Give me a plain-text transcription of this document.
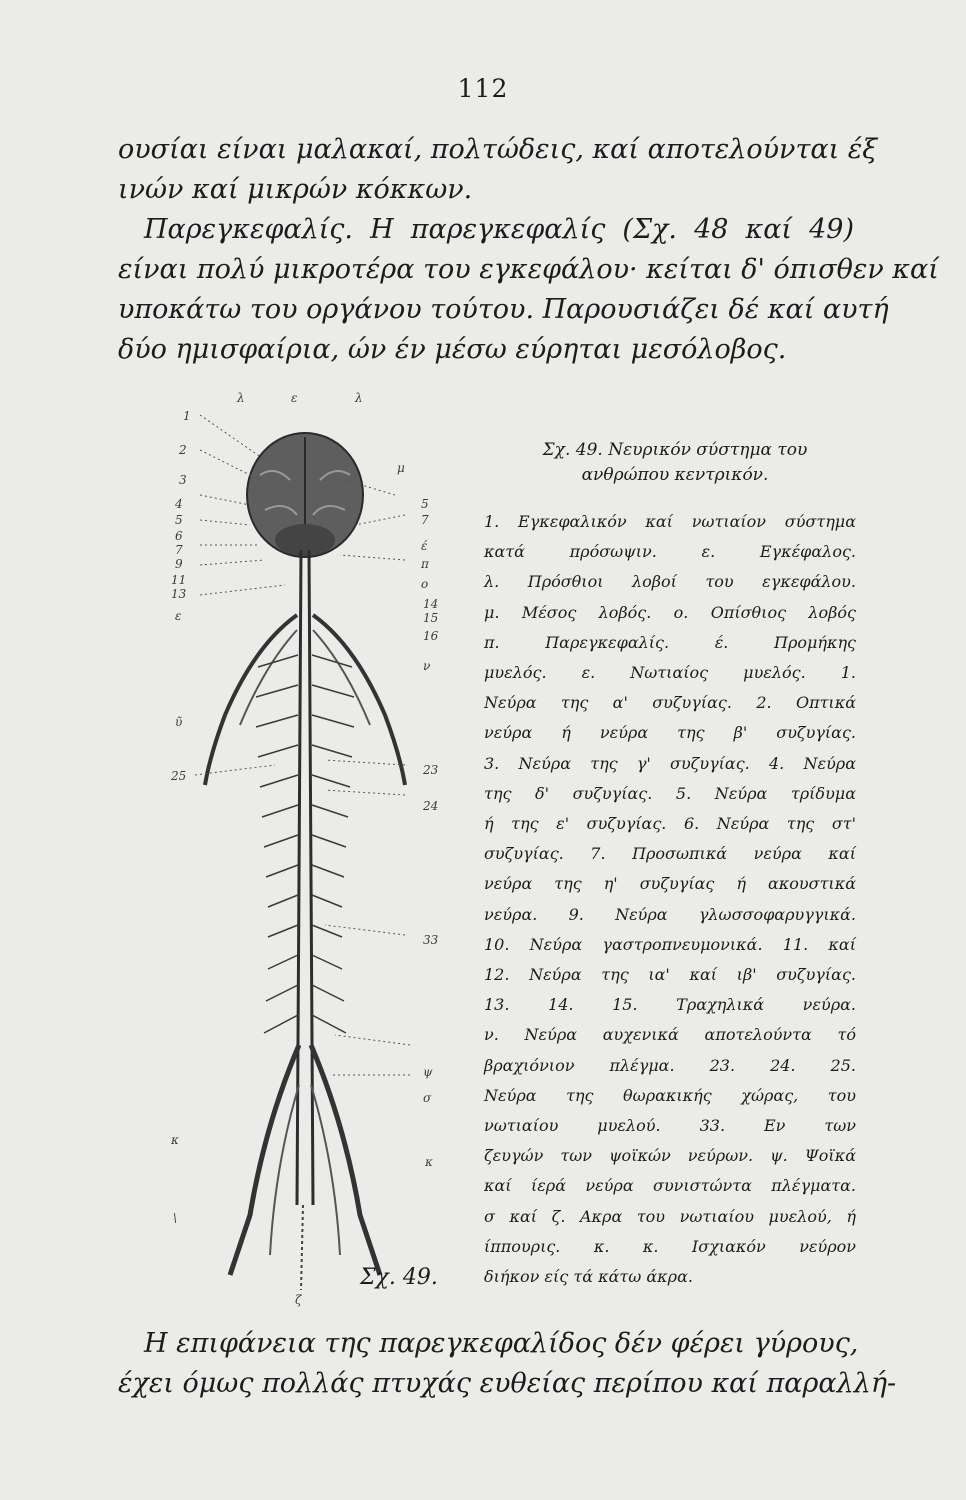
112
ουσίαι είναι μαλακαί, πολτώδεις, καί αποτελούνται έξ
ινών καί μικρών κόκκων.
Παρεγκεφαλίς. Η παρεγκεφαλίς (Σχ. 48 καί 49)
είναι πολύ μικροτέρα του εγκεφάλου· κείται δ' όπισθεν καί
υποκάτω του οργάνου τούτου. Παρουσιάζει δέ καί αυτή
δύο ημισφαίρια, ών έν μέσω εύρηται μεσόλοβος.
λ	ε	λ
1
2
3
4
5
6
7
9
11
13
ε
ῦ
25
κ
\
μ
5
7
έ
π
ο
14
15
16
ν
23
24
33
ψ
σ
κ
ζ
Σχ. 49.
Σχ. 49. Νευρικόν σύστημα του
ανθρώπου κεντρικόν.
1. Εγκεφαλικόν καί νωτιαίον σύστημα
κατά πρόσωψιν. ε. Εγκέφαλος.
λ. Πρόσθιοι λοβοί του εγκεφάλου.
μ. Μέσος λοβός. ο. Οπίσθιος λοβός
π. Παρεγκεφαλίς. έ. Προμήκης
μυελός. ε. Νωτιαίος μυελός. 1.
Νεύρα της α' συζυγίας. 2. Οπτικά
νεύρα ή νεύρα της β' συζυγίας.
3. Νεύρα της γ' συζυγίας. 4. Νεύρα
της δ' συζυγίας. 5. Νεύρα τρίδυμα
ή της ε' συζυγίας. 6. Νεύρα της στ'
συζυγίας. 7. Προσωπικά νεύρα καί
νεύρα της η' συζυγίας ή ακουστικά
νεύρα. 9. Νεύρα γλωσσοφαρυγγικά.
10. Νεύρα γαστροπνευμονικά. 11. καί
12. Νεύρα της ια' καί ιβ' συζυγίας.
13. 14. 15. Τραχηλικά νεύρα.
ν. Νεύρα αυχενικά αποτελούντα τό
βραχιόνιον πλέγμα. 23. 24. 25.
Νεύρα της θωρακικής χώρας, του
νωτιαίου μυελού. 33. Εν των
ζευγών των ψοϊκών νεύρων. ψ. Ψοϊκά
καί ίερά νεύρα συνιστώντα πλέγματα.
σ καί ζ. Ακρα του νωτιαίου μυελού, ή
ίππουρις. κ. κ. Ισχιακόν νεύρον
διήκον είς τά κάτω άκρα.
Η επιφάνεια της παρεγκεφαλίδος δέν φέρει γύρους,
έχει όμως πολλάς πτυχάς ευθείας περίπου καί παραλλή-
